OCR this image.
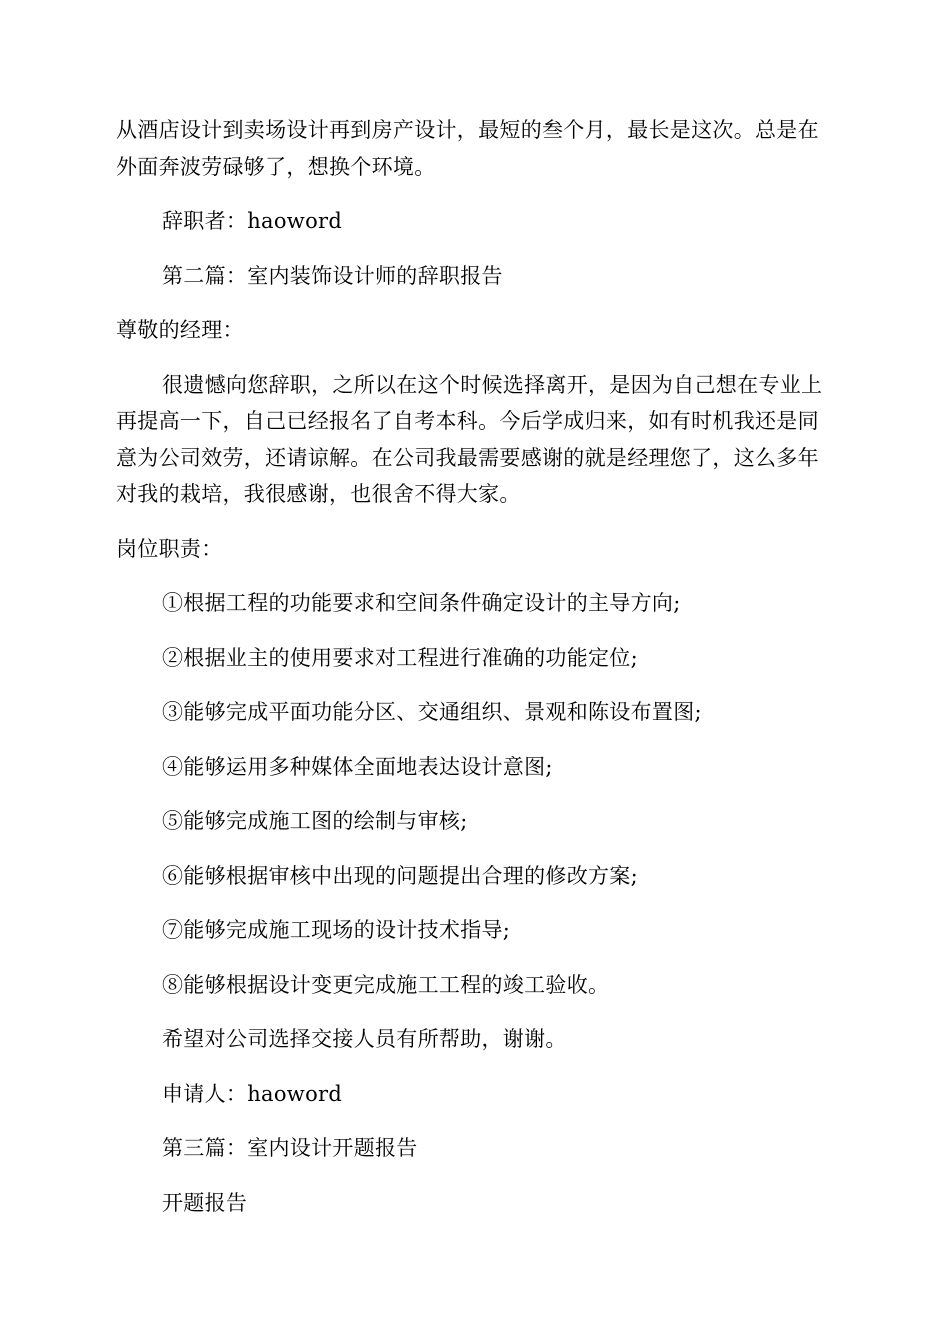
从酒店设计到卖场设计再到房产设计，最短的叁个月，最长是这次。总是在外面奔波劳碌够了，想换个环境。

辞职者：haoword

第二篇：室内装饰设计师的辞职报告

尊敬的经理：

很遗憾向您辞职，之所以在这个时候选择离开，是因为自己想在专业上再提高一下，自己已经报名了自考本科。今后学成归来，如有时机我还是同意为公司效劳，还请谅解。在公司我最需要感谢的就是经理您了，这么多年对我的栽培，我很感谢，也很舍不得大家。

岗位职责：

①根据工程的功能要求和空间条件确定设计的主导方向;

②根据业主的使用要求对工程进行准确的功能定位;

③能够完成平面功能分区、交通组织、景观和陈设布置图;

④能够运用多种媒体全面地表达设计意图;

⑤能够完成施工图的绘制与审核;

⑥能够根据审核中出现的问题提出合理的修改方案;

⑦能够完成施工现场的设计技术指导;

⑧能够根据设计变更完成施工工程的竣工验收。

希望对公司选择交接人员有所帮助，谢谢。

申请人：haoword

第三篇：室内设计开题报告

开题报告
